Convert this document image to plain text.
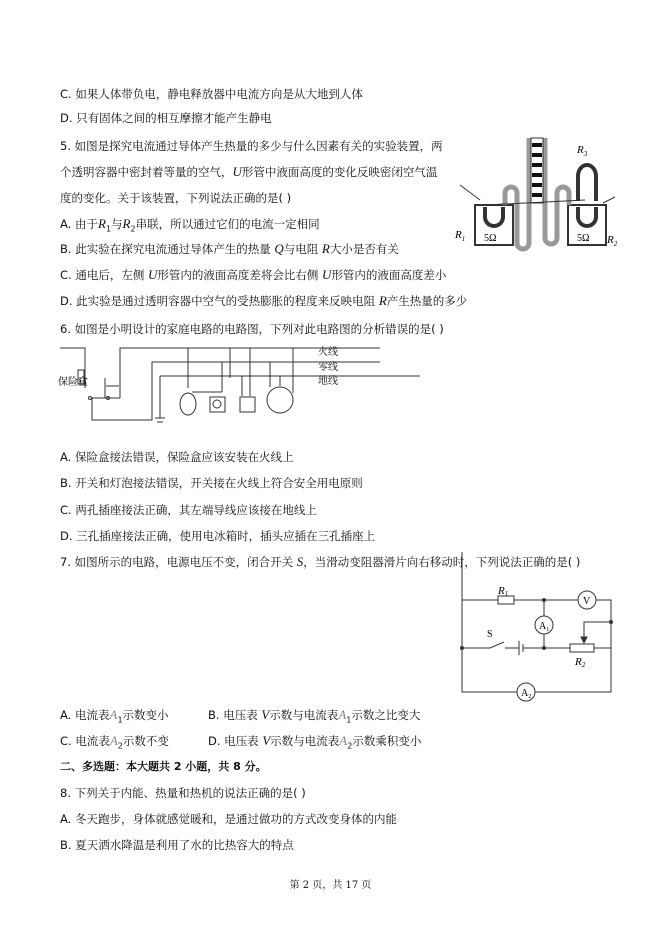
C. 如果人体带负电，静电释放器中电流方向是从大地到人体
D. 只有固体之间的相互摩擦才能产生静电
5. 如图是探究电流通过导体产生热量的多少与什么因素有关的实验装置，两
个透明容器中密封着等量的空气，U形管中液面高度的变化反映密闭空气温
度的变化。关于该装置，下列说法正确的是( )
A. 由于$R_1$与$R_2$串联，所以通过它们的电流一定相同
B. 此实验在探究电流通过导体产生的热量 Q与电阻 R大小是否有关
C. 通电后，左侧 U形管内的液面高度差将会比右侧 U形管内的液面高度差小
D. 此实验是通过透明容器中空气的受热膨胀的程度来反映电阻 R产生热量的多少
$R_1$	$R_2$
$R_3$
5Ω	5Ω
6. 如图是小明设计的家庭电路的电路图，下列对此电路图的分析错误的是( )
保险盒
火线
零线
地线
A. 保险盒接法错误，保险盒应该安装在火线上
B. 开关和灯泡接法错误，开关接在火线上符合安全用电原则
C. 两孔插座接法正确，其左端导线应该接在地线上
D. 三孔插座接法正确，使用电冰箱时，插头应插在三孔插座上
7. 如图所示的电路，电源电压不变，闭合开关 S，当滑动变阻器滑片向右移动时，下列说法正确的是( )
R1
R2
V
$A_1$
$A_2$
S
A. 电流表$A_1$示数变小	B. 电压表 V示数与电流表$A_1$示数之比变大
C. 电流表$A_2$示数不变	D. 电压表 V示数与电流表$A_2$示数乘积变小
二、多选题：本大题共 2 小题，共 8 分。
8. 下列关于内能、热量和热机的说法正确的是( )
A. 冬天跑步，身体就感觉暖和，是通过做功的方式改变身体的内能
B. 夏天洒水降温是利用了水的比热容大的特点
第 2 页，共 17 页
